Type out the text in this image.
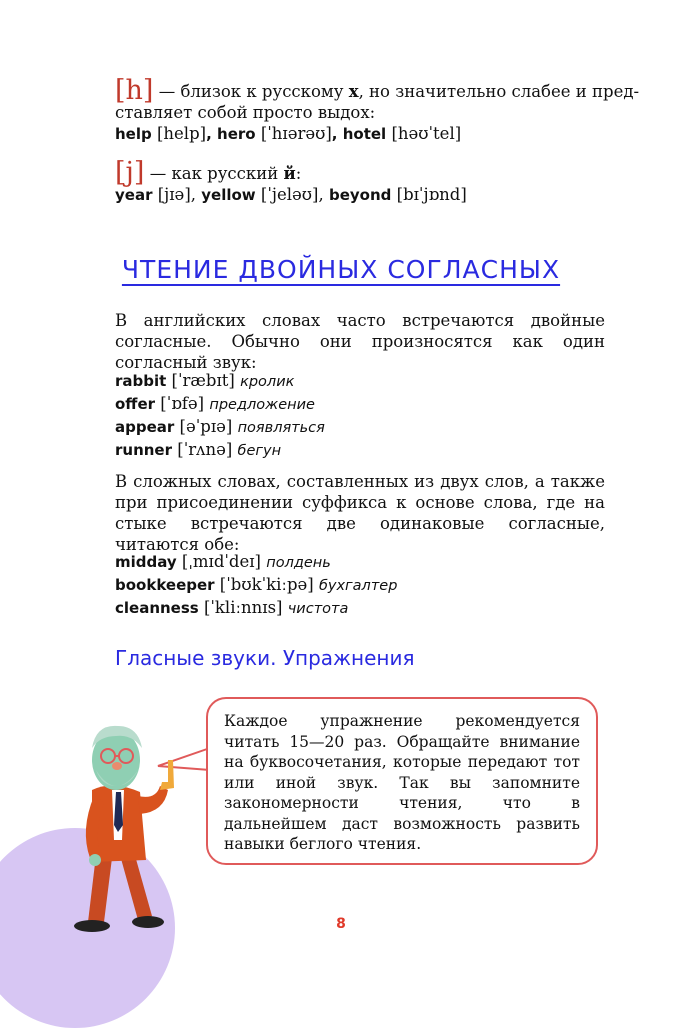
[h] — близок к русскому х, но значительно слабее и пред-
ставляет собой просто выдох:
help [help], hero [ˈhɪərəʊ], hotel [həʊˈtel]
[j] — как русский й:
year [jɪə], yellow [ˈjeləʊ], beyond [bɪˈjɒnd]
ЧТЕНИЕ ДВОЙНЫХ СОГЛАСНЫХ
В английских словах часто встречаются двойные согласные. Обычно они произносятся как один согласный звук:
rabbit [ˈræbɪt] кролик
offer [ˈɒfə] предложение
appear [əˈpɪə] появляться
runner [ˈrʌnə] бегун
В сложных словах, составленных из двух слов, а также при присоединении суффикса к основе слова, где на стыке встречаются две одинаковые согласные, читаются обе:
midday [ˌmɪdˈdeɪ] полдень
bookkeeper [ˈbʊkˈkiːpə] бухгалтер
cleanness [ˈkliːnnɪs] чистота
Гласные звуки. Упражнения
Каждое упражнение рекомендуется читать 15—20 раз. Обращайте внимание на буквосочетания, которые передают тот или иной звук. Так вы запомните закономерности чтения, что в дальнейшем даст возможность развить навыки беглого чтения.
8
